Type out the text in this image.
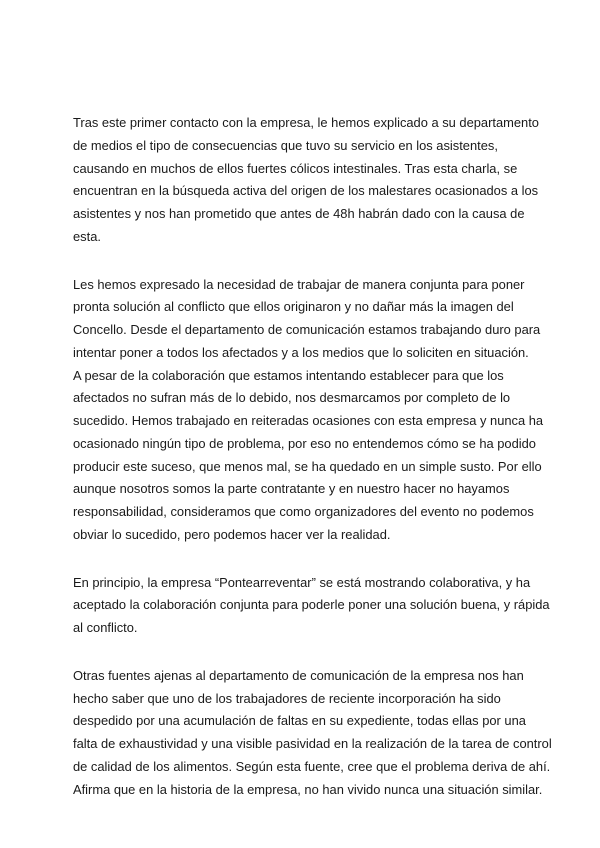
Tras este primer contacto con la empresa, le hemos explicado a su departamento
de medios el tipo de consecuencias que tuvo su servicio en los asistentes,
causando en muchos de ellos fuertes cólicos intestinales. Tras esta charla, se
encuentran en la búsqueda activa del origen de los malestares ocasionados a los
asistentes y nos han prometido que antes de 48h habrán dado con la causa de
esta.

Les hemos expresado la necesidad de trabajar de manera conjunta para poner
pronta solución al conflicto que ellos originaron y no dañar más la imagen del
Concello. Desde el departamento de comunicación estamos trabajando duro para
intentar poner a todos los afectados y a los medios que lo soliciten en situación.
A pesar de la colaboración que estamos intentando establecer para que los
afectados no sufran más de lo debido, nos desmarcamos por completo de lo
sucedido. Hemos trabajado en reiteradas ocasiones con esta empresa y nunca ha
ocasionado ningún tipo de problema, por eso no entendemos cómo se ha podido
producir este suceso, que menos mal, se ha quedado en un simple susto. Por ello
aunque nosotros somos la parte contratante y en nuestro hacer no hayamos
responsabilidad, consideramos que como organizadores del evento no podemos
obviar lo sucedido, pero podemos hacer ver la realidad.

En principio, la empresa “Pontearreventar” se está mostrando colaborativa, y ha
aceptado la colaboración conjunta para poderle poner una solución buena, y rápida
al conflicto.

Otras fuentes ajenas al departamento de comunicación de la empresa nos han
hecho saber que uno de los trabajadores de reciente incorporación ha sido
despedido por una acumulación de faltas en su expediente, todas ellas por una
falta de exhaustividad y una visible pasividad en la realización de la tarea de control
de calidad de los alimentos. Según esta fuente, cree que el problema deriva de ahí.
Afirma que en la historia de la empresa, no han vivido nunca una situación similar.
